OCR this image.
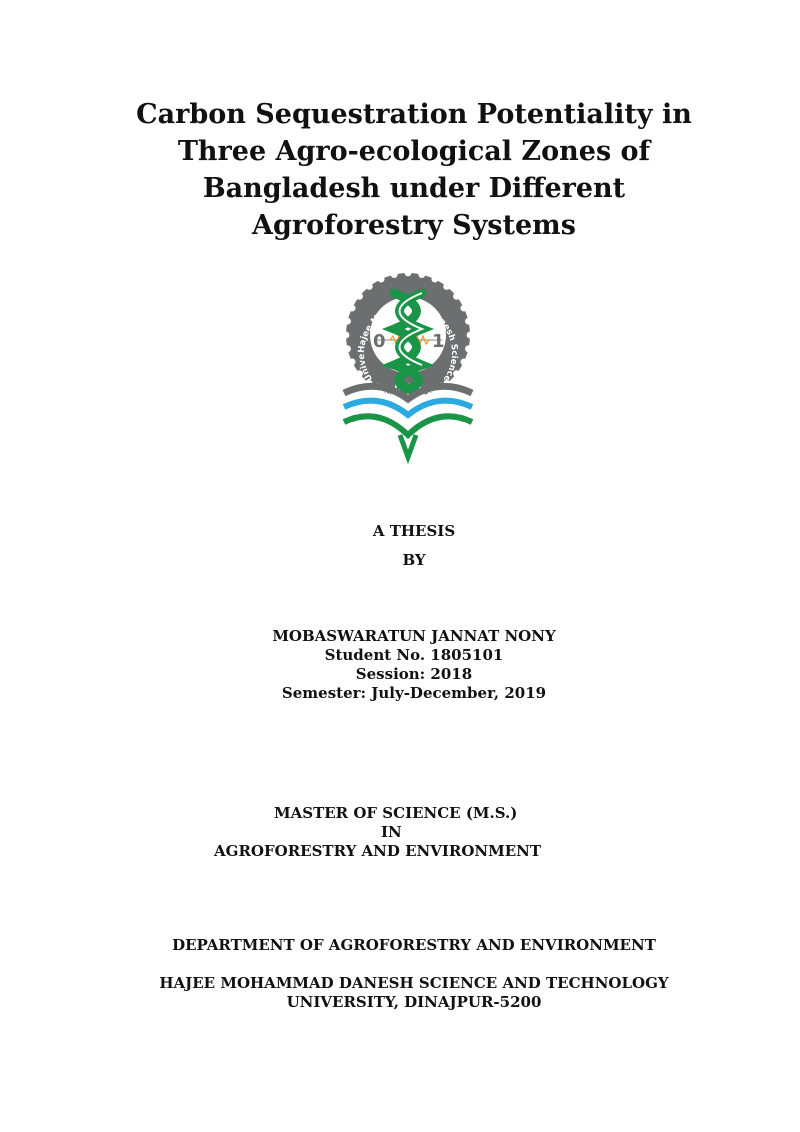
Carbon Sequestration Potentiality in
Three Agro-ecological Zones of
Bangladesh under Different
Agroforestry Systems
Hajee Mohammad Danesh Science and Technology Unive
HSTU
0	1
A THESIS
BY
MOBASWARATUN JANNAT NONY
Student No. 1805101
Session: 2018
Semester: July-December, 2019
MASTER OF SCIENCE (M.S.)
IN
AGROFORESTRY AND ENVIRONMENT
DEPARTMENT OF AGROFORESTRY AND ENVIRONMENT
HAJEE MOHAMMAD DANESH SCIENCE AND TECHNOLOGY
UNIVERSITY, DINAJPUR-5200
